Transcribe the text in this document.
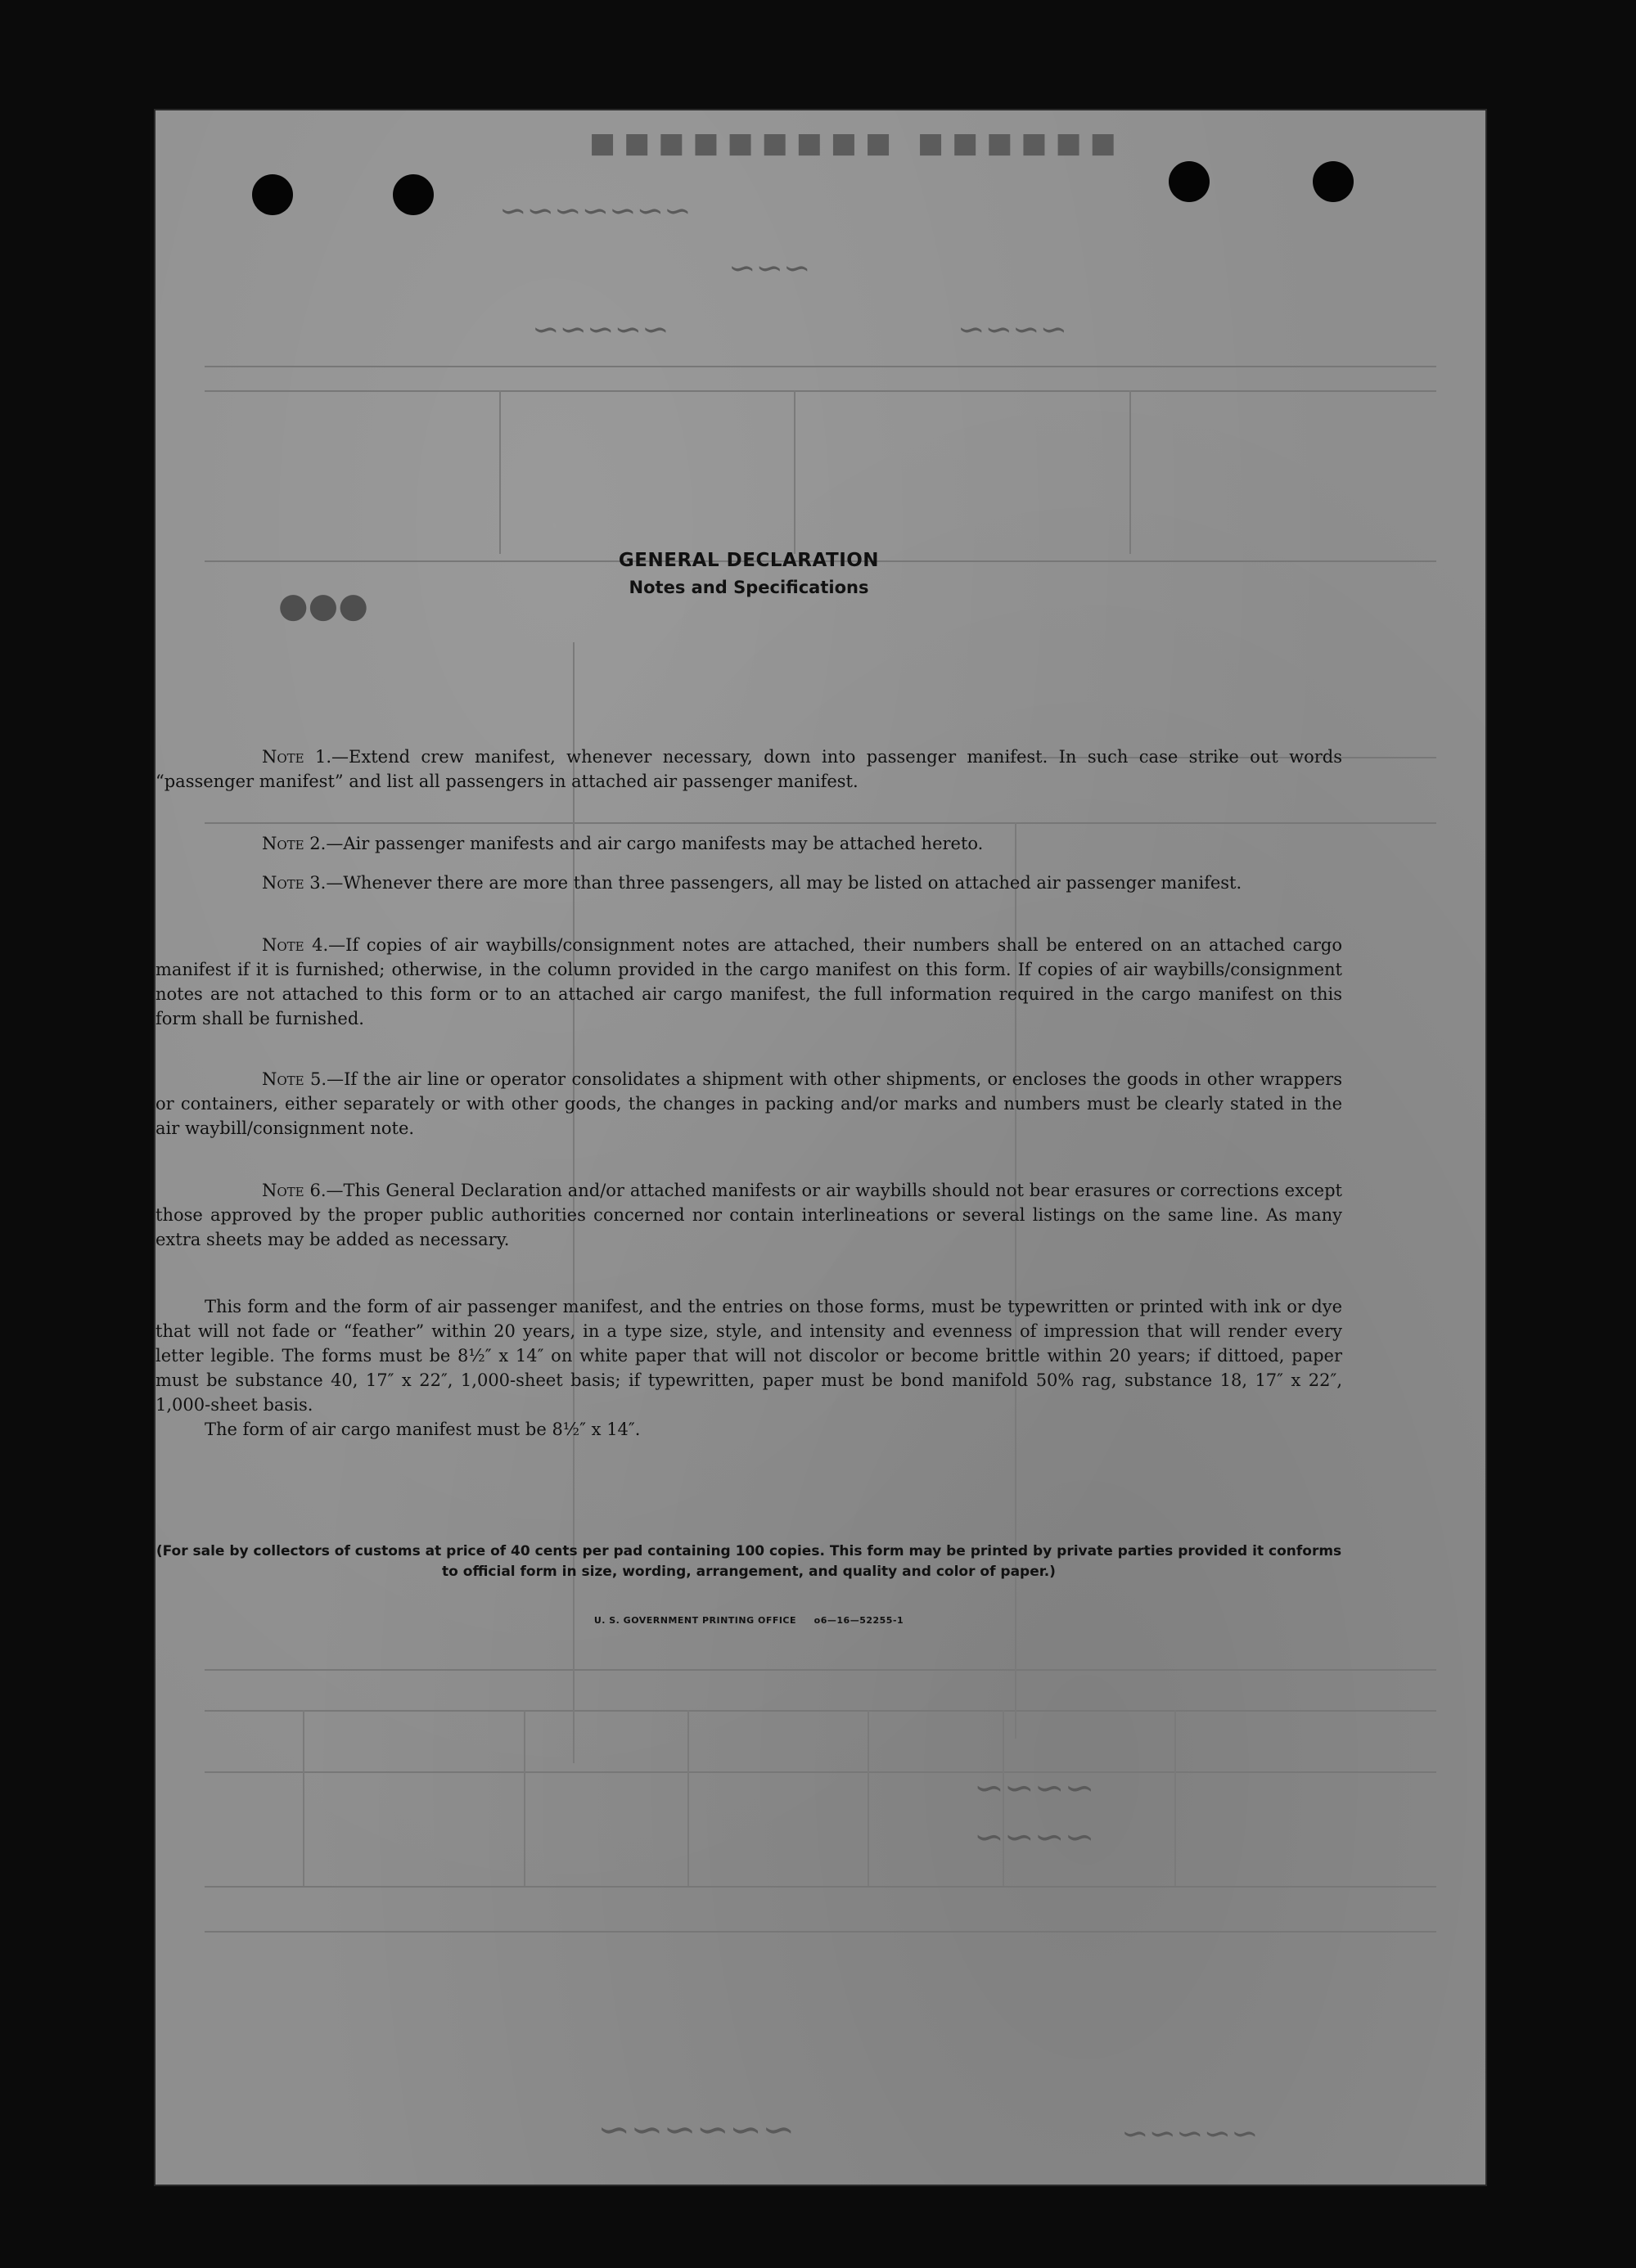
■■■■■■ ■■■■■■■■■
●●●
∼∼∼∼∼∼∼
∼∼∼
∼∼∼∼∼	∼∼∼∼
∼∼∼∼
∼∼∼∼
∼∼∼∼∼∼	∼∼∼∼∼
GENERAL DECLARATION
Notes and Specifications
Note 1.—Extend crew manifest, whenever necessary, down into passenger manifest. In such case strike out words “passenger manifest” and list all passengers in attached air passenger manifest.
Note 2.—Air passenger manifests and air cargo manifests may be attached hereto.
Note 3.—Whenever there are more than three passengers, all may be listed on attached air passenger manifest.
Note 4.—If copies of air waybills/consignment notes are attached, their numbers shall be entered on an attached cargo manifest if it is furnished; otherwise, in the column provided in the cargo manifest on this form. If copies of air waybills/consignment notes are not attached to this form or to an attached air cargo manifest, the full information required in the cargo manifest on this form shall be furnished.
Note 5.—If the air line or operator consolidates a shipment with other shipments, or encloses the goods in other wrappers or containers, either separately or with other goods, the changes in packing and/or marks and numbers must be clearly stated in the air waybill/consignment note.
Note 6.—This General Declaration and/or attached manifests or air waybills should not bear erasures or corrections except those approved by the proper public authorities concerned nor contain interlineations or several listings on the same line. As many extra sheets may be added as necessary.
This form and the form of air passenger manifest, and the entries on those forms, must be typewritten or printed with ink or dye that will not fade or “feather” within 20 years, in a type size, style, and intensity and evenness of impression that will render every letter legible. The forms must be 8½″ x 14″ on white paper that will not discolor or become brittle within 20 years; if dittoed, paper must be substance 40, 17″ x 22″, 1,000-sheet basis; if typewritten, paper must be bond manifold 50% rag, substance 18, 17″ x 22″, 1,000-sheet basis.
The form of air cargo manifest must be 8½″ x 14″.
(For sale by collectors of customs at price of 40 cents per pad containing 100 copies. This form may be printed by private parties provided it conforms to official form in size, wording, arrangement, and quality and color of paper.)
U. S. GOVERNMENT PRINTING OFFICE     o6—16—52255-1
